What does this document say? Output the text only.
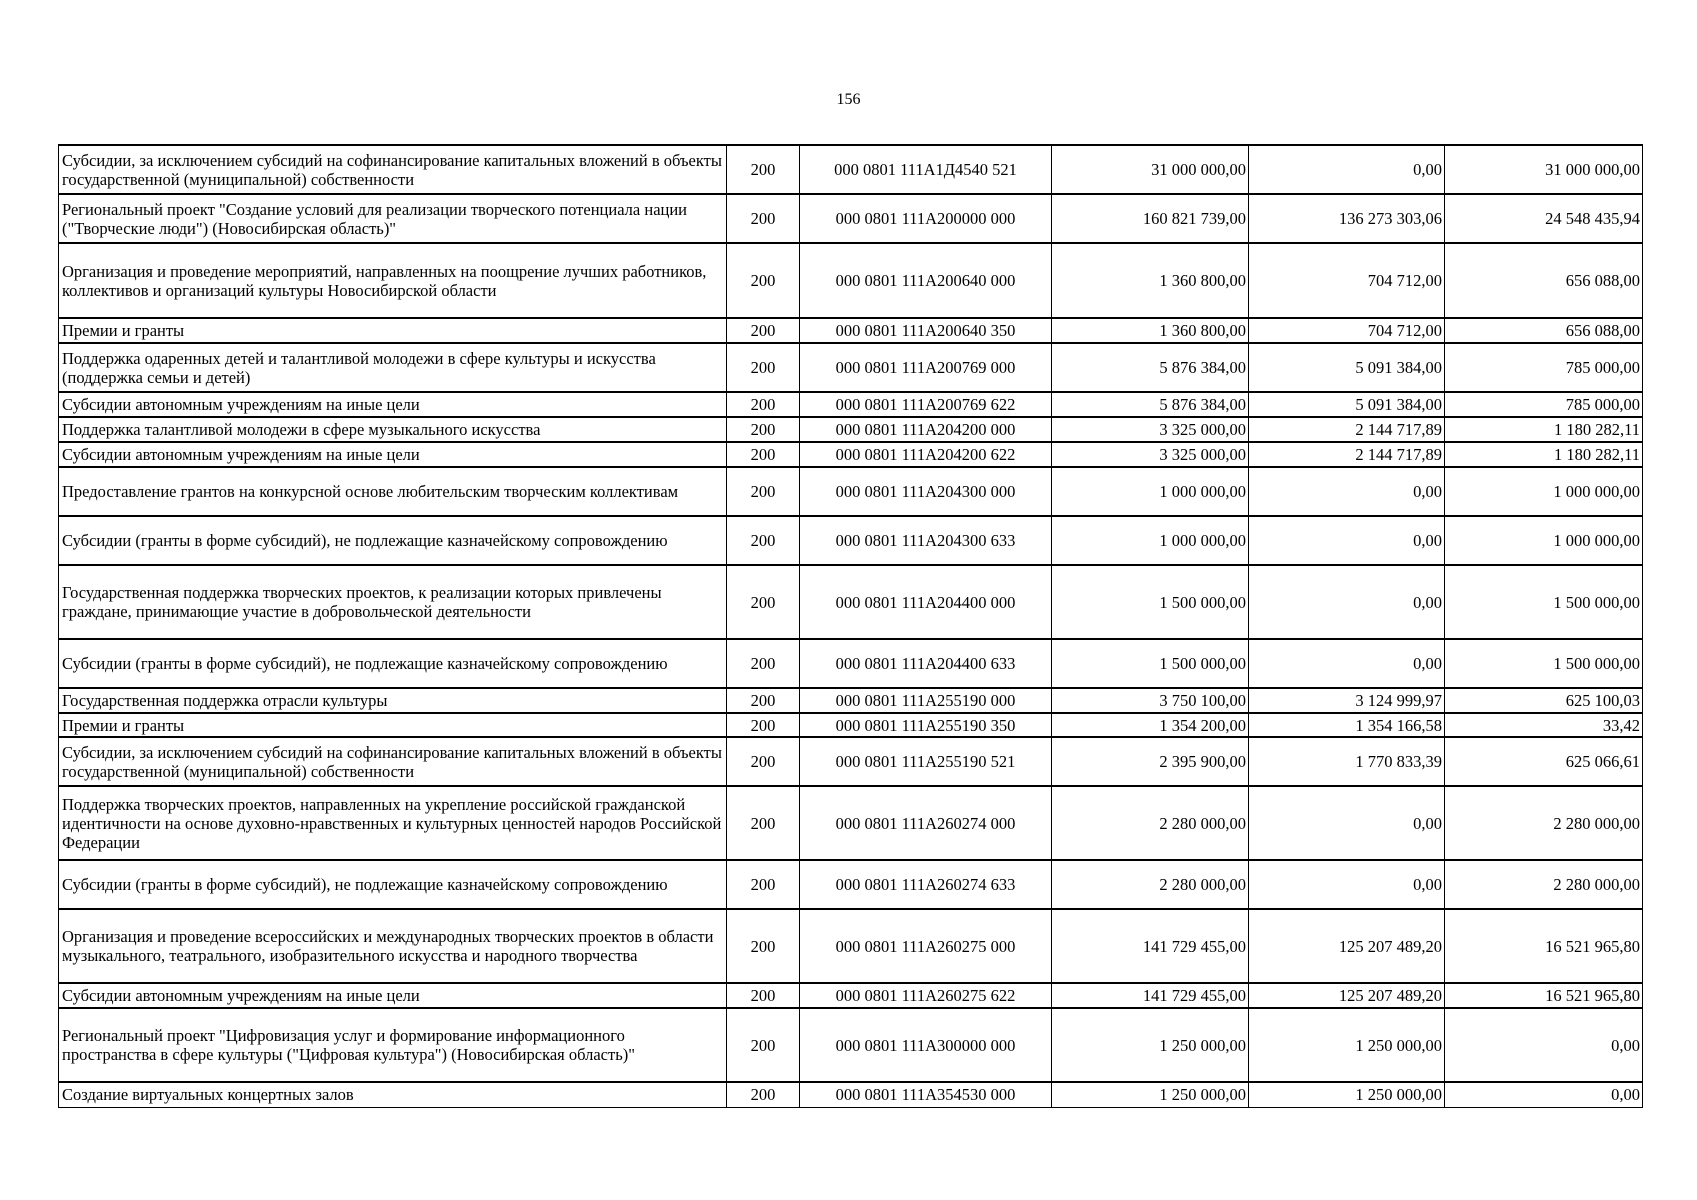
156
Субсидии, за исключением субсидий на софинансирование капитальных вложений в объекты государственной (муниципальной) собственности	200	000 0801 111A1Д4540 521	31 000 000,00	0,00	31 000 000,00
Региональный проект "Создание условий для реализации творческого потенциала нации ("Творческие люди") (Новосибирская область)"	200	000 0801 111A200000 000	160 821 739,00	136 273 303,06	24 548 435,94
Организация и проведение мероприятий, направленных на поощрение лучших работников, коллективов и организаций культуры Новосибирской области	200	000 0801 111A200640 000	1 360 800,00	704 712,00	656 088,00
Премии и гранты	200	000 0801 111A200640 350	1 360 800,00	704 712,00	656 088,00
Поддержка одаренных детей и талантливой молодежи в сфере культуры и искусства (поддержка семьи и детей)	200	000 0801 111A200769 000	5 876 384,00	5 091 384,00	785 000,00
Субсидии автономным учреждениям на иные цели	200	000 0801 111A200769 622	5 876 384,00	5 091 384,00	785 000,00
Поддержка талантливой молодежи в сфере музыкального искусства	200	000 0801 111A204200 000	3 325 000,00	2 144 717,89	1 180 282,11
Субсидии автономным учреждениям на иные цели	200	000 0801 111A204200 622	3 325 000,00	2 144 717,89	1 180 282,11
Предоставление грантов на конкурсной основе любительским творческим коллективам	200	000 0801 111A204300 000	1 000 000,00	0,00	1 000 000,00
Субсидии (гранты в форме субсидий), не подлежащие казначейскому сопровождению	200	000 0801 111A204300 633	1 000 000,00	0,00	1 000 000,00
Государственная поддержка творческих проектов, к реализации которых привлечены граждане, принимающие участие в добровольческой деятельности	200	000 0801 111A204400 000	1 500 000,00	0,00	1 500 000,00
Субсидии (гранты в форме субсидий), не подлежащие казначейскому сопровождению	200	000 0801 111A204400 633	1 500 000,00	0,00	1 500 000,00
Государственная поддержка отрасли культуры	200	000 0801 111A255190 000	3 750 100,00	3 124 999,97	625 100,03
Премии и гранты	200	000 0801 111A255190 350	1 354 200,00	1 354 166,58	33,42
Субсидии, за исключением субсидий на софинансирование капитальных вложений в объекты государственной (муниципальной) собственности	200	000 0801 111A255190 521	2 395 900,00	1 770 833,39	625 066,61
Поддержка творческих проектов, направленных на укрепление российской гражданской идентичности на основе духовно-нравственных и культурных ценностей народов Российской Федерации	200	000 0801 111A260274 000	2 280 000,00	0,00	2 280 000,00
Субсидии (гранты в форме субсидий), не подлежащие казначейскому сопровождению	200	000 0801 111A260274 633	2 280 000,00	0,00	2 280 000,00
Организация и проведение всероссийских и международных творческих проектов в области музыкального, театрального, изобразительного искусства и народного творчества	200	000 0801 111A260275 000	141 729 455,00	125 207 489,20	16 521 965,80
Субсидии автономным учреждениям на иные цели	200	000 0801 111A260275 622	141 729 455,00	125 207 489,20	16 521 965,80
Региональный проект "Цифровизация услуг и формирование информационного пространства в сфере культуры ("Цифровая культура") (Новосибирская область)"	200	000 0801 111A300000 000	1 250 000,00	1 250 000,00	0,00
Создание виртуальных концертных залов	200	000 0801 111A354530 000	1 250 000,00	1 250 000,00	0,00
